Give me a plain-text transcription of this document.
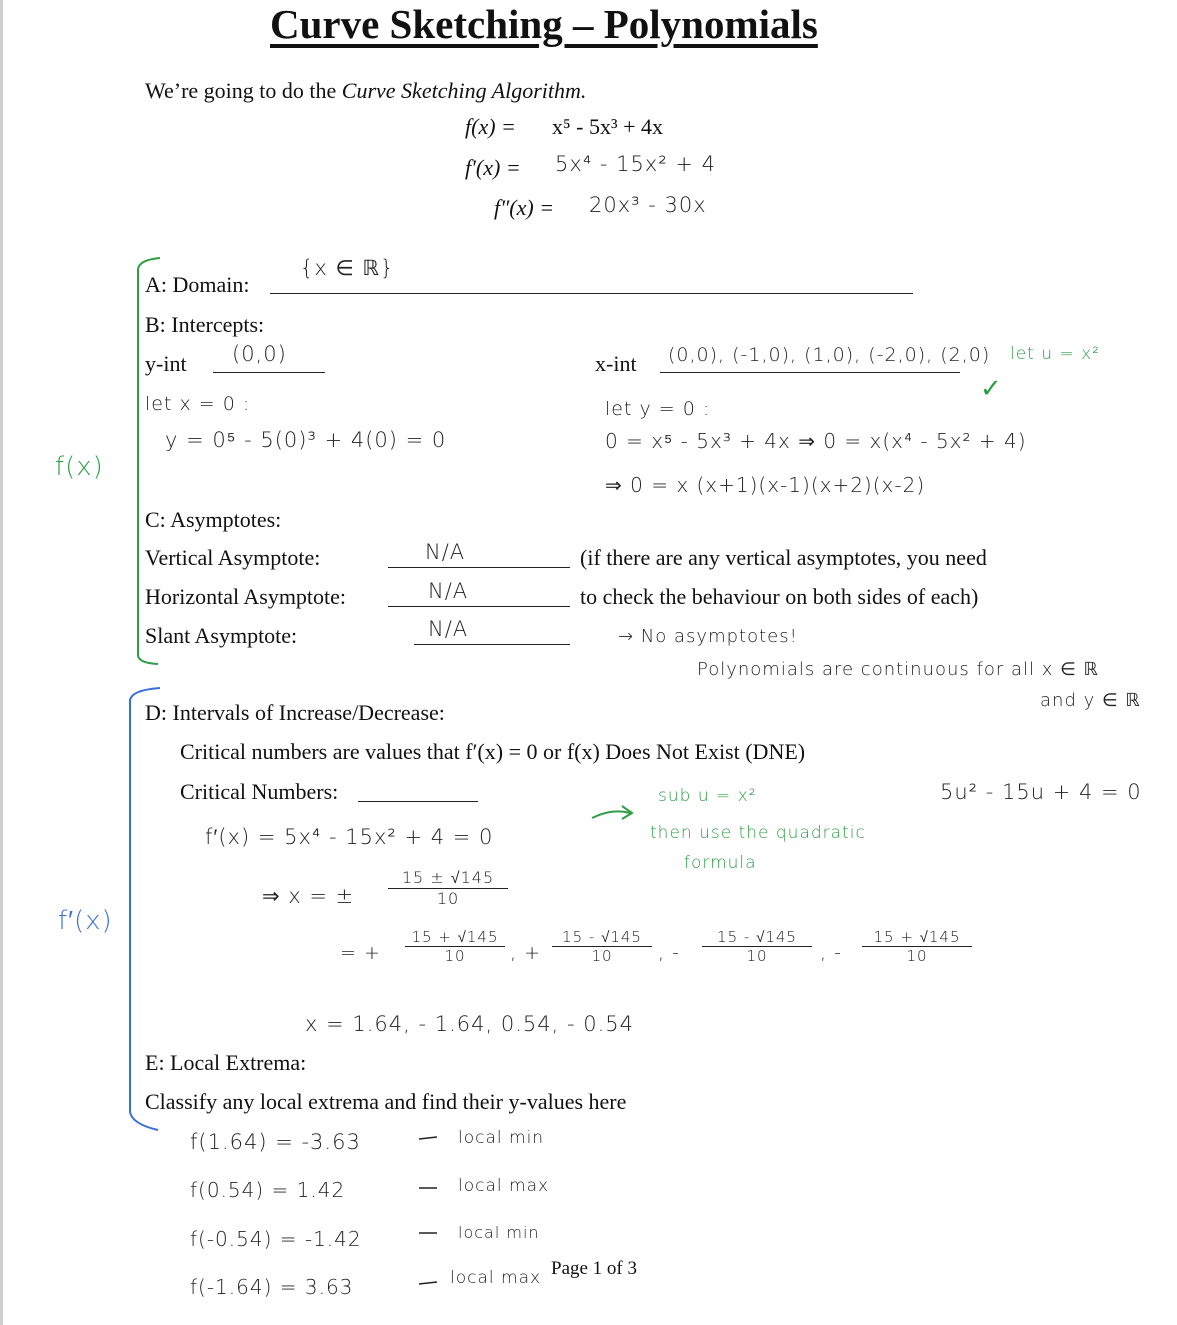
Curve Sketching – Polynomials
We’re going to do the Curve Sketching Algorithm.
f(x) = x⁵ - 5x³ + 4x
f′(x) = 5x⁴ - 15x² + 4
f″(x) = 20x³ - 30x
f(x)
f′(x)
A: Domain:
{x ∈ ℝ}
B: Intercepts:
y-int (0,0)
let x = 0 :
y = 0⁵ - 5(0)³ + 4(0) = 0
x-int (0,0), (-1,0), (1,0), (-2,0), (2,0) let u = x²
✓
let y = 0 :
0 = x⁵ - 5x³ + 4x ⇒ 0 = x(x⁴ - 5x² + 4)
⇒ 0 = x (x+1)(x-1)(x+2)(x-2)
C: Asymptotes:
Vertical Asymptote:	N/A
Horizontal Asymptote:	N/A
Slant Asymptote:	N/A
(if there are any vertical asymptotes, you need
to check the behaviour on both sides of each)
→ No asymptotes!
Polynomials are continuous for all x ∈ ℝ
and y ∈ ℝ
D: Intervals of Increase/Decrease:
Critical numbers are values that f′(x) = 0 or f(x) Does Not Exist (DNE)
Critical Numbers:
f′(x) = 5x⁴ - 15x² + 4 = 0
5u² - 15u + 4 = 0
sub u = x²
then use the quadratic
formula
⇒ x = ± $\frac{15 \pm √145}{10}$
= + $\frac{15 + √145}{10}$ , + $\frac{15 - √145}{10}$ , - $\frac{15 - √145}{10}$ , - $\frac{15 + √145}{10}$
x = 1.64, - 1.64, 0.54, - 0.54
E: Local Extrema:
Classify any local extrema and find their y-values here
f(1.64) = -3.63	local min
f(0.54) = 1.42	local max
f(-0.54) = -1.42	local min
f(-1.64) = 3.63	local max Page 1 of 3
